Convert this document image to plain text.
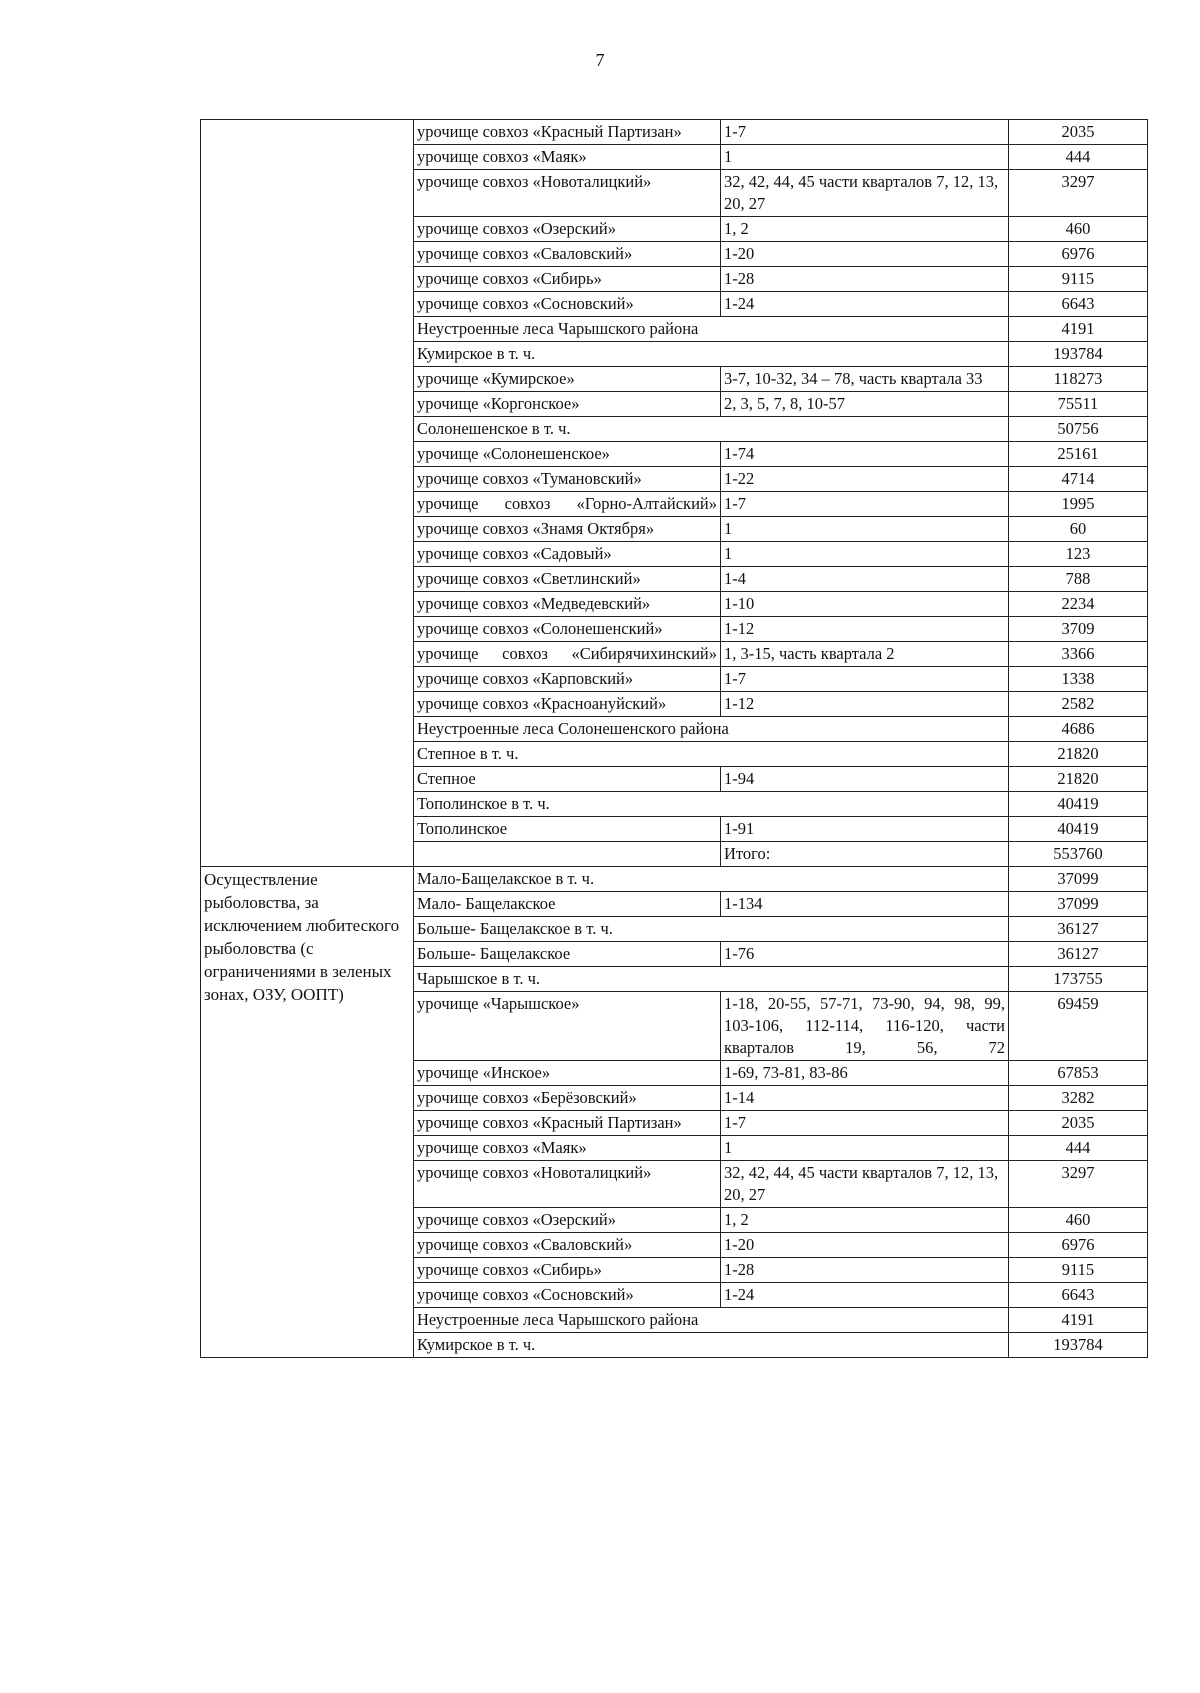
7
	урочище совхоз «Красный Партизан»	1-7	2035
	урочище совхоз «Маяк»	1	444
	урочище совхоз «Новоталицкий»	32, 42, 44, 45 части кварталов 7, 12, 13, 20, 27	3297
	урочище совхоз «Озерский»	1, 2	460
	урочище совхоз «Сваловский»	1-20	6976
	урочище совхоз «Сибирь»	1-28	9115
	урочище совхоз «Сосновский»	1-24	6643
	Неустроенные леса Чарышского района		4191
	Кумирское в т. ч.		193784
	урочище «Кумирское»	3-7, 10-32, 34 – 78, часть квартала 33	118273
	урочище «Коргонское»	2, 3, 5, 7, 8, 10-57	75511
	Солонешенское в т. ч.		50756
	урочище «Солонешенское»	1-74	25161
	урочище совхоз «Тумановский»	1-22	4714
	урочище совхоз «Горно-Алтайский»	1-7	1995
	урочище совхоз «Знамя Октября»	1	60
	урочище совхоз «Садовый»	1	123
	урочище совхоз «Светлинский»	1-4	788
	урочище совхоз «Медведевский»	1-10	2234
	урочище совхоз «Солонешенский»	1-12	3709
	урочище совхоз «Сибирячихинский»	1, 3-15, часть квартала 2	3366
	урочище совхоз «Карповский»	1-7	1338
	урочище совхоз «Красноануйский»	1-12	2582
	Неустроенные леса Солонешенского района		4686
	Степное в т. ч.		21820
	Степное	1-94	21820
	Тополинское в т. ч.		40419
	Тополинское	1-91	40419
		Итого:	553760
Осуществление рыболовства, за исключением любитеского рыболовства (с ограничениями в зеленых зонах, ОЗУ, ООПТ)	Мало-Бащелакское в т. ч.		37099
	Мало- Бащелакское	1-134	37099
	Больше- Бащелакское в т. ч.		36127
	Больше- Бащелакское	1-76	36127
	Чарышское в т. ч.		173755
	урочище «Чарышское»	1-18, 20-55, 57-71, 73-90, 94, 98, 99, 103-106, 112-114, 116-120, части кварталов 19, 56, 72	69459
	урочище «Инское»	1-69, 73-81, 83-86	67853
	урочище совхоз «Берёзовский»	1-14	3282
	урочище совхоз «Красный Партизан»	1-7	2035
	урочище совхоз «Маяк»	1	444
	урочище совхоз «Новоталицкий»	32, 42, 44, 45 части кварталов 7, 12, 13, 20, 27	3297
	урочище совхоз «Озерский»	1, 2	460
	урочище совхоз «Сваловский»	1-20	6976
	урочище совхоз «Сибирь»	1-28	9115
	урочище совхоз «Сосновский»	1-24	6643
	Неустроенные леса Чарышского района		4191
	Кумирское в т. ч.		193784
